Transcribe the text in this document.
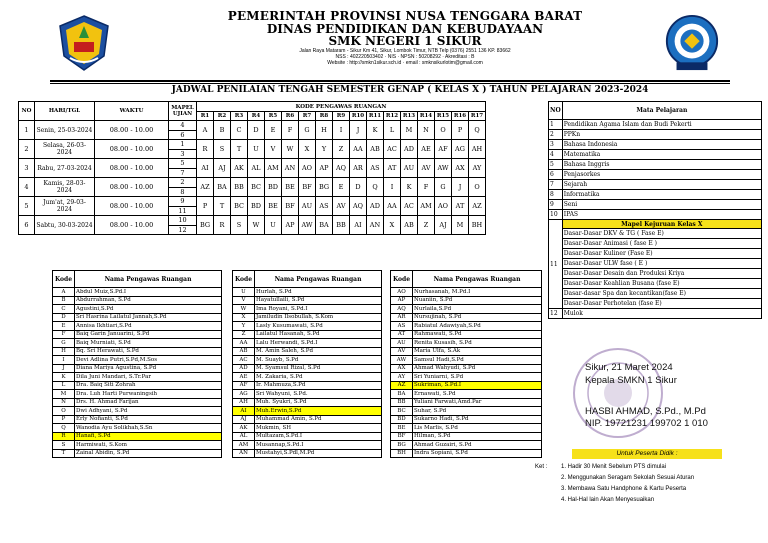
PEMERINTAH PROVINSI NUSA TENGGARA BARAT
DINAS PENDIDIKAN DAN KEBUDAYAAN
SMK NEGERI 1 SIKUR
Jalan Raya Mataram - Sikur Km 41, Sikur, Lombok Timur, NTB Telp (0376) 2551 136 KP. 83662
NSS : 402220503402 · NIS · NPSN : 50208292 · Akreditasi : B
Website : http://smkn1sikur.sch.id · email : smknsikurlotim@gmail.com
JADWAL PENILAIAN TENGAH SEMESTER GENAP ( KELAS X ) TAHUN PELAJARAN 2023-2024
NO	HARI/TGL	WAKTU	MAPEL UJIAN	KODE PENGAWAS RUANGAN																
				R1	R2	R3	R4	R5	R6	R7	R8	R9	R10	R11	R12	R13	R14	R15	R16	R17
1	Senin, 25-03-2024	08.00 - 10.00	4	A	B	C	D	E	F	G	H	I	J	K	L	M	N	O	P	Q
			6																	
2	Selasa, 26-03-2024	08.00 - 10.00	1	R	S	T	U	V	W	X	Y	Z	AA	AB	AC	AD	AE	AF	AG	AH
			3																	
3	Rabu, 27-03-2024	08.00 - 10.00	5	AI	AJ	AK	AL	AM	AN	AO	AP	AQ	AR	AS	AT	AU	AV	AW	AX	AY
			7																	
4	Kamis, 28-03-2024	08.00 - 10.00	2	AZ	BA	BB	BC	BD	BE	BF	BG	E	D	Q	I	K	F	G	J	O
			8																	
5	Jum'at, 29-03-2024	08.00 - 10.00	9	P	T	BC	BD	BE	BF	AU	AS	AV	AQ	AD	AA	AC	AM	AO	AT	AZ
			11																	
6	Sabtu, 30-03-2024	08.00 - 10.00	10	BG	R	S	W	U	AP	AW	BA	BB	AI	AN	X	AB	Z	AJ	M	BH
			12																	
NO	Mata Pelajaran
1	Pendidikan Agama Islam dan Budi Pekerti
2	PPKn
3	Bahasa Indonesia
4	Matematika
5	Bahasa Inggris
6	Penjasorkes
7	Sejarah
8	Informatika
9	Seni
10	IPAS
11	Mapel Kejuruan Kelas X
	Dasar-Dasar DKV & TG ( Fase E)
	Dasar-Dasar Animasi ( fase E )
	Dasar-Dasar Kuliner (Fase E)
	Dasar-Dasar ULW fase ( E )
	Dasar-Dasar Desain dan Produksi Kriya
	Dasar-Dasar Keahlian Busana (fase E)
	Dasar-dasar Spa dan kecantikan(fase E)
	Dasar-Dasar Perhotelan (fase E)
12	Mulok
Kode	Nama Pengawas Ruangan
A	Abdul Muiz,S.Pd.I
B	Abdurrahman, S.Pd
C	Agustini,S.Pd
D	Sri Hasrina Lailatul Jannah,S.Pd
E	Annisa Ikhtiari,S.Pd
F	Baiq Garin Januarini, S.Pd
G	Baiq Murniati, S.Pd
H	Bq. Sri Herawati, S.Pd
I	Devi Adlina Putri,S.Pd,M.Sos
J	Diana Mariya Agustina, S.Pd
K	Dila Juni Mandari, S.Tr.Par
L	Dra. Baiq Siti Zohrah
M	Dra. Luh Harti Purwaningsih
N	Drs. H. Ahmad Farijan
O	Dwi Adhyani, S.Pd
P	Erly Nofianti, S.Pd
Q	Wanodia Ayu Solikhah,S.Sn
R	Hanafi, S.Pd
S	Harmiwati, S.Kom
T	Zainal Abidin, S.Pd
Kode	Nama Pengawas Ruangan
U	Hurlah, S.Pd
V	Hayatullaili, S.Pd
W	Ima Royani, S.Pd.I
X	Jamiludin Ilsobullah, S.Kom
Y	Lasly Kusumawati, S.Pd
Z	Lailatul Hasanah, S.Pd
AA	Lalu Herwandi, S.Pd.I
AB	M. Amin Saleh, S.Pd
AC	M. Suayb, S.Pd
AD	M. Syamsul Rizal, S.Pd
AE	M. Zakaria, S.Pd
AF	Ir. Mahmuza,S.Pd
AG	Sri Wahyuni, S.Pd.
AH	Muh. Syukri, S.Pd
AI	Muh.Erwin,S.Pd
AJ	Muhammad Amin, S.Pd
AK	Mukmin, SH
AL	Multazam,S.Pd.I
AM	Musannap,S.Pd.I
AN	Mustahyi,S.Pdl,M.Pd
Kode	Nama Pengawas Ruangan
AO	Nurhasanah, M.Pd.I
AP	Nuaniin, S.Pd
AQ	Nurlaila,S.Pd
AR	Nursujinah, S.Pd
AS	Rabiatul Adawiyah,S.Pd
AT	Rahmawati, S.Pd
AU	Renita Kusasih, S.Pd
AV	Maria Ulfa, S.Ak
AW	Samsul Hadi,S.Pd
AX	Ahmad Wahyudi, S.Pd
AY	Sri Yuniarni, S.Pd
AZ	Sukriman, S.Pd.I
BA	Ernawati, S.Pd
BB	Yuliani Farwati,Amd.Par
BC	Suhar, S.Pd
BD	Sukarno Hadi, S.Pd
BE	Lis Marlis, S.Pd
BF	Hilman, S.Pd
BG	Ahmad Guzairi, S.Pd
BH	Indra Sopiani, S.Pd
Sikur, 21 Maret 2024
Kepala SMKN 1 Sikur
HASBI AHMAD, S.Pd., M.Pd
NIP. 19721231 199702 1 010
Untuk Peserta Didik :
Ket :	1. Hadir 30 Menit Sebelum PTS dimulai
2. Menggunakan Seragam Sekolah Sesuai Aturan
3. Membawa Satu Handphone & Kartu Peserta
4. Hal-Hal lain Akan Menyesuaikan
